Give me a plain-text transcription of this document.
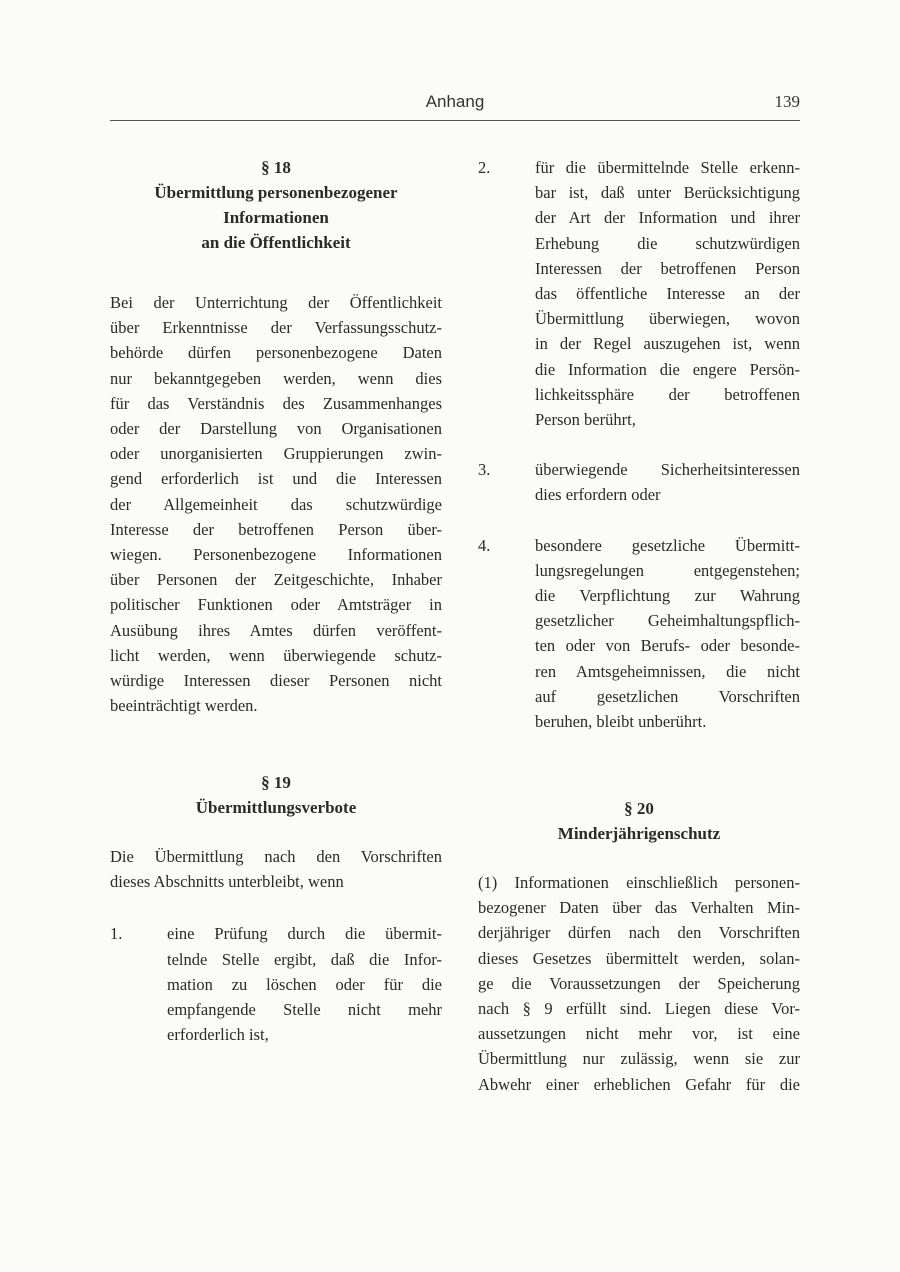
Anhang	139
§ 18
Übermittlung personenbezogener
Informationen
an die Öffentlichkeit
Bei der Unterrichtung der Öffentlichkeit
über Erkenntnisse der Verfassungsschutz-
behörde dürfen personenbezogene Daten
nur bekanntgegeben werden, wenn dies
für das Verständnis des Zusammenhanges
oder der Darstellung von Organisationen
oder unorganisierten Gruppierungen zwin-
gend erforderlich ist und die Interessen
der Allgemeinheit das schutzwürdige
Interesse der betroffenen Person über-
wiegen. Personenbezogene Informationen
über Personen der Zeitgeschichte, Inhaber
politischer Funktionen oder Amtsträger in
Ausübung ihres Amtes dürfen veröffent-
licht werden, wenn überwiegende schutz-
würdige Interessen dieser Personen nicht
beeinträchtigt werden.
2.	für die übermittelnde Stelle erkenn-
bar ist, daß unter Berücksichtigung
der Art der Information und ihrer
Erhebung die schutzwürdigen
Interessen der betroffenen Person
das öffentliche Interesse an der
Übermittlung überwiegen, wovon
in der Regel auszugehen ist, wenn
die Information die engere Persön-
lichkeitssphäre der betroffenen
Person berührt,
3.	überwiegende Sicherheitsinteressen
dies erfordern oder
4.	besondere gesetzliche Übermitt-
lungsregelungen entgegenstehen;
die Verpflichtung zur Wahrung
gesetzlicher Geheimhaltungspflich-
ten oder von Berufs- oder besonde-
ren Amtsgeheimnissen, die nicht
auf gesetzlichen Vorschriften
beruhen, bleibt unberührt.
§ 19
Übermittlungsverbote
Die Übermittlung nach den Vorschriften
dieses Abschnitts unterbleibt, wenn
1.	eine Prüfung durch die übermit-
telnde Stelle ergibt, daß die Infor-
mation zu löschen oder für die
empfangende Stelle nicht mehr
erforderlich ist,
§ 20
Minderjährigenschutz
(1) Informationen einschließlich personen-
bezogener Daten über das Verhalten Min-
derjähriger dürfen nach den Vorschriften
dieses Gesetzes übermittelt werden, solan-
ge die Voraussetzungen der Speicherung
nach § 9 erfüllt sind. Liegen diese Vor-
aussetzungen nicht mehr vor, ist eine
Übermittlung nur zulässig, wenn sie zur
Abwehr einer erheblichen Gefahr für die
